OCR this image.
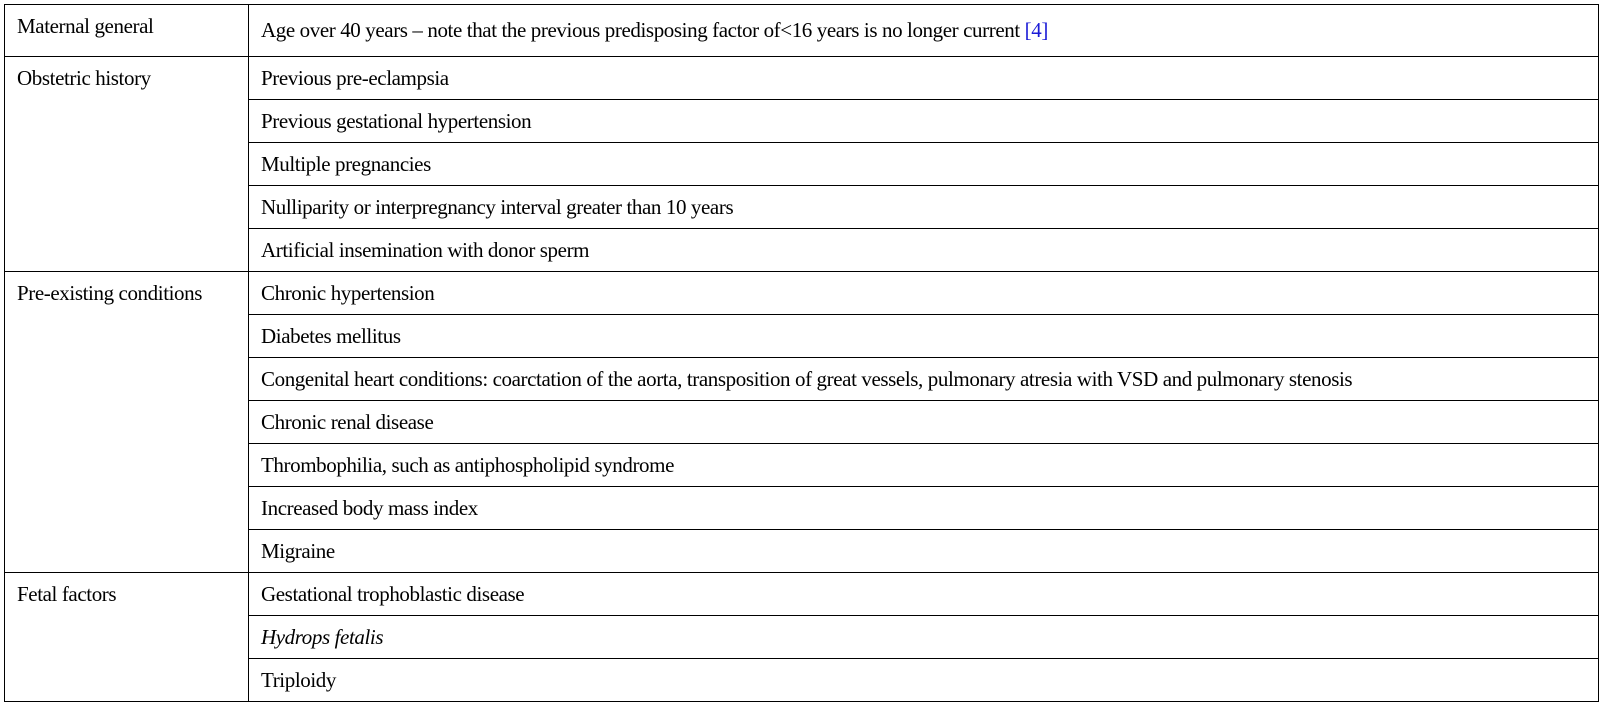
Maternal general	Age over 40 years – note that the previous predisposing factor of<16 years is no longer current [4]
Obstetric history	Previous pre-eclampsia
	Previous gestational hypertension
	Multiple pregnancies
	Nulliparity or interpregnancy interval greater than 10 years
	Artificial insemination with donor sperm
Pre-existing conditions	Chronic hypertension
	Diabetes mellitus
	Congenital heart conditions: coarctation of the aorta, transposition of great vessels, pulmonary atresia with VSD and pulmonary stenosis
	Chronic renal disease
	Thrombophilia, such as antiphospholipid syndrome
	Increased body mass index
	Migraine
Fetal factors	Gestational trophoblastic disease
	Hydrops fetalis
	Triploidy
